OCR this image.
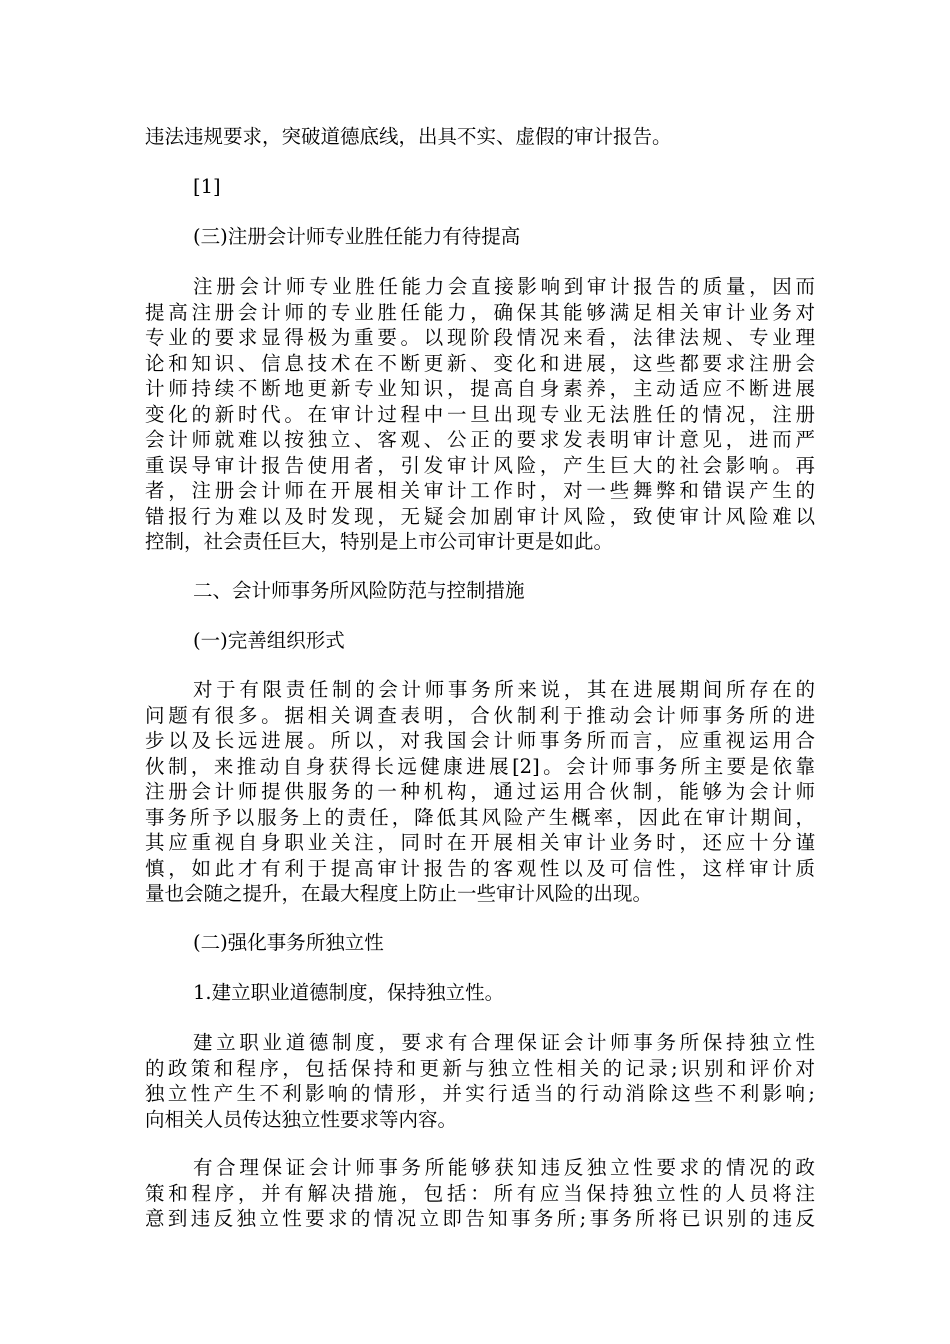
违法违规要求，突破道德底线，出具不实、虚假的审计报告。
[1]
(三)注册会计师专业胜任能力有待提高
注册会计师专业胜任能力会直接影响到审计报告的质量，因而
提高注册会计师的专业胜任能力，确保其能够满足相关审计业务对
专业的要求显得极为重要。以现阶段情况来看，法律法规、专业理
论和知识、信息技术在不断更新、变化和进展，这些都要求注册会
计师持续不断地更新专业知识，提高自身素养，主动适应不断进展
变化的新时代。在审计过程中一旦出现专业无法胜任的情况，注册
会计师就难以按独立、客观、公正的要求发表明审计意见，进而严
重误导审计报告使用者，引发审计风险，产生巨大的社会影响。再
者，注册会计师在开展相关审计工作时，对一些舞弊和错误产生的
错报行为难以及时发现，无疑会加剧审计风险，致使审计风险难以
控制，社会责任巨大，特别是上市公司审计更是如此。
二、会计师事务所风险防范与控制措施
(一)完善组织形式
对于有限责任制的会计师事务所来说，其在进展期间所存在的
问题有很多。据相关调查表明，合伙制利于推动会计师事务所的进
步以及长远进展。所以，对我国会计师事务所而言，应重视运用合
伙制，来推动自身获得长远健康进展[2]。会计师事务所主要是依靠
注册会计师提供服务的一种机构，通过运用合伙制，能够为会计师
事务所予以服务上的责任，降低其风险产生概率，因此在审计期间，
其应重视自身职业关注，同时在开展相关审计业务时，还应十分谨
慎，如此才有利于提高审计报告的客观性以及可信性，这样审计质
量也会随之提升，在最大程度上防止一些审计风险的出现。
(二)强化事务所独立性
1.建立职业道德制度，保持独立性。
建立职业道德制度，要求有合理保证会计师事务所保持独立性
的政策和程序，包括保持和更新与独立性相关的记录;识别和评价对
独立性产生不利影响的情形，并实行适当的行动消除这些不利影响;
向相关人员传达独立性要求等内容。
有合理保证会计师事务所能够获知违反独立性要求的情况的政
策和程序，并有解决措施，包括：所有应当保持独立性的人员将注
意到违反独立性要求的情况立即告知事务所;事务所将已识别的违反
